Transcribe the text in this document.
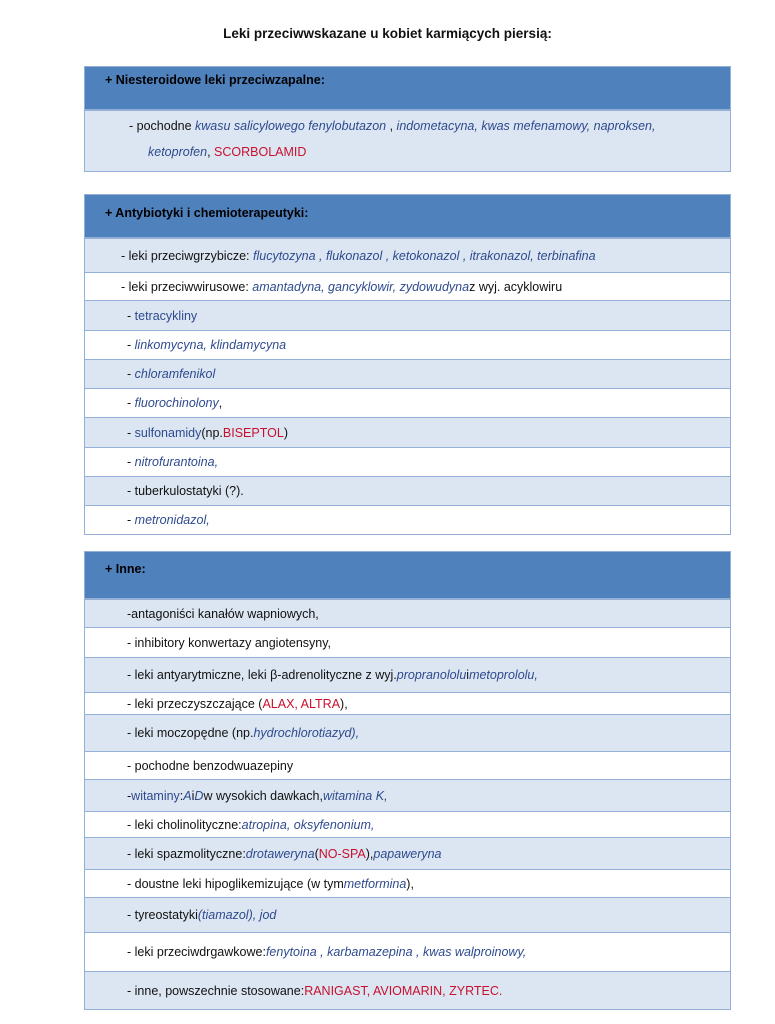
Leki przeciwwskazane u kobiet karmiących piersią:
+ Niesteroidowe leki przeciwzapalne:
- pochodne kwasu salicylowego fenylobutazon , indometacyna, kwas mefenamowy, naproksen,
ketoprofen, SCORBOLAMID
+ Antybiotyki i chemioterapeutyki:
- leki przeciwgrzybicze:
flucytozyna , flukonazol , ketokonazol , itrakonazol, terbinafina
- leki przeciwwirusowe:
amantadyna, gancyklowir, zydowudyna z wyj. acyklowiru
-
tetracykliny
-
linkomycyna, klindamycyna
-
chloramfenikol
-
fluorochinolony ,
-
sulfonamidy (np. BISEPTOL )
-
nitrofurantoina,
- tuberkulostatyki (?).
-
metronidazol,
+ Inne:
-antagoniści kanałów wapniowych,
- inhibitory konwertazy angiotensyny,
- leki antyarytmiczne, leki β-adrenolityczne z wyj. propranololu i metoprololu,
- leki przeczyszczające ( ALAX, ALTRA ),
- leki moczopędne (np. hydrochlorotiazyd),
- pochodne benzodwuazepiny
- witaminy : A i D w wysokich dawkach, witamina K,
- leki cholinolityczne: atropina, oksyfenonium,
- leki spazmolityczne: drotaweryna ( NO-SPA ), papaweryna
- doustne leki hipoglikemizujące (w tym metformina ),
- tyreostatyki (tiamazol), jod
- leki przeciwdrgawkowe: fenytoina , karbamazepina , kwas walproinowy,
- inne, powszechnie stosowane: RANIGAST, AVIOMARIN, ZYRTEC.
